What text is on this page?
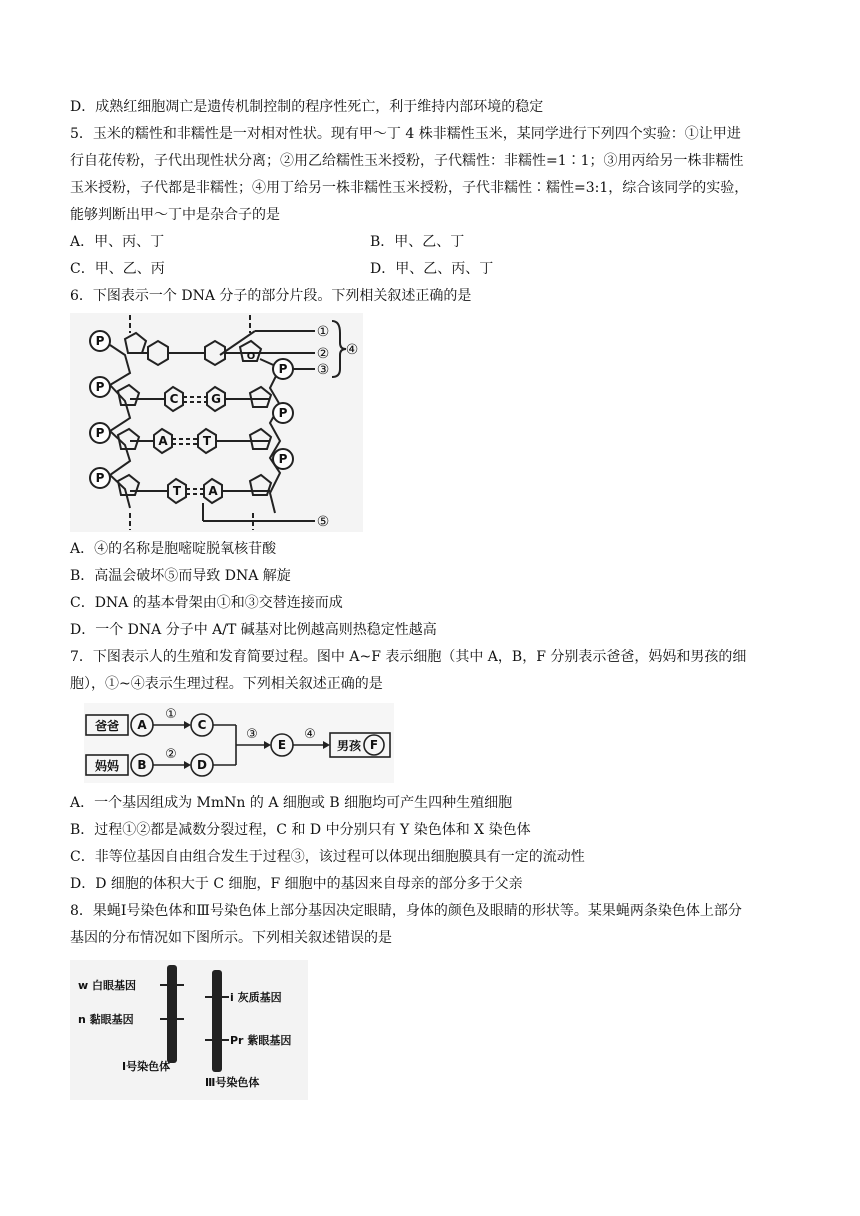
D．成熟红细胞凋亡是遗传机制控制的程序性死亡，利于维持内部环境的稳定
5．玉米的糯性和非糯性是一对相对性状。现有甲～丁 4 株非糯性玉米，某同学进行下列四个实验：①让甲进
行自花传粉，子代出现性状分离；②用乙给糯性玉米授粉，子代糯性：非糯性=1∶1；③用丙给另一株非糯性
玉米授粉，子代都是非糯性；④用丁给另一株非糯性玉米授粉，子代非糯性∶糯性=3:1，综合该同学的实验，
能够判断出甲～丁中是杂合子的是
A．甲、丙、丁	B．甲、乙、丁
C．甲、乙、丙	D．甲、乙、丙、丁
6．下图表示一个 DNA 分子的部分片段。下列相关叙述正确的是
P
P
P
P
P
P
P
O
C	G
A	T
T A
①
②
③
④
⑤
A．④的名称是胞嘧啶脱氧核苷酸
B．高温会破坏⑤而导致 DNA 解旋
C．DNA 的基本骨架由①和③交替连接而成
D．一个 DNA 分子中 A/T 碱基对比例越高则热稳定性越高
7．下图表示人的生殖和发育简要过程。图中 A~F 表示细胞（其中 A，B，F 分别表示爸爸，妈妈和男孩的细
胞），①~④表示生理过程。下列相关叙述正确的是
爸爸
妈妈
男孩
A
B
C
D
E	F
①
②
③	④
A．一个基因组成为 MmNn 的 A 细胞或 B 细胞均可产生四种生殖细胞
B．过程①②都是减数分裂过程，C 和 D 中分别只有 Y 染色体和 X 染色体
C．非等位基因自由组合发生于过程③，该过程可以体现出细胞膜具有一定的流动性
D．D 细胞的体积大于 C 细胞，F 细胞中的基因来自母亲的部分多于父亲
8．果蝇Ⅰ号染色体和Ⅲ号染色体上部分基因决定眼睛，身体的颜色及眼睛的形状等。某果蝇两条染色体上部分
基因的分布情况如下图所示。下列相关叙述错误的是
w 白眼基因
n 黏眼基因
i 灰质基因
Pr 紫眼基因
Ⅰ号染色体
Ⅲ号染色体
